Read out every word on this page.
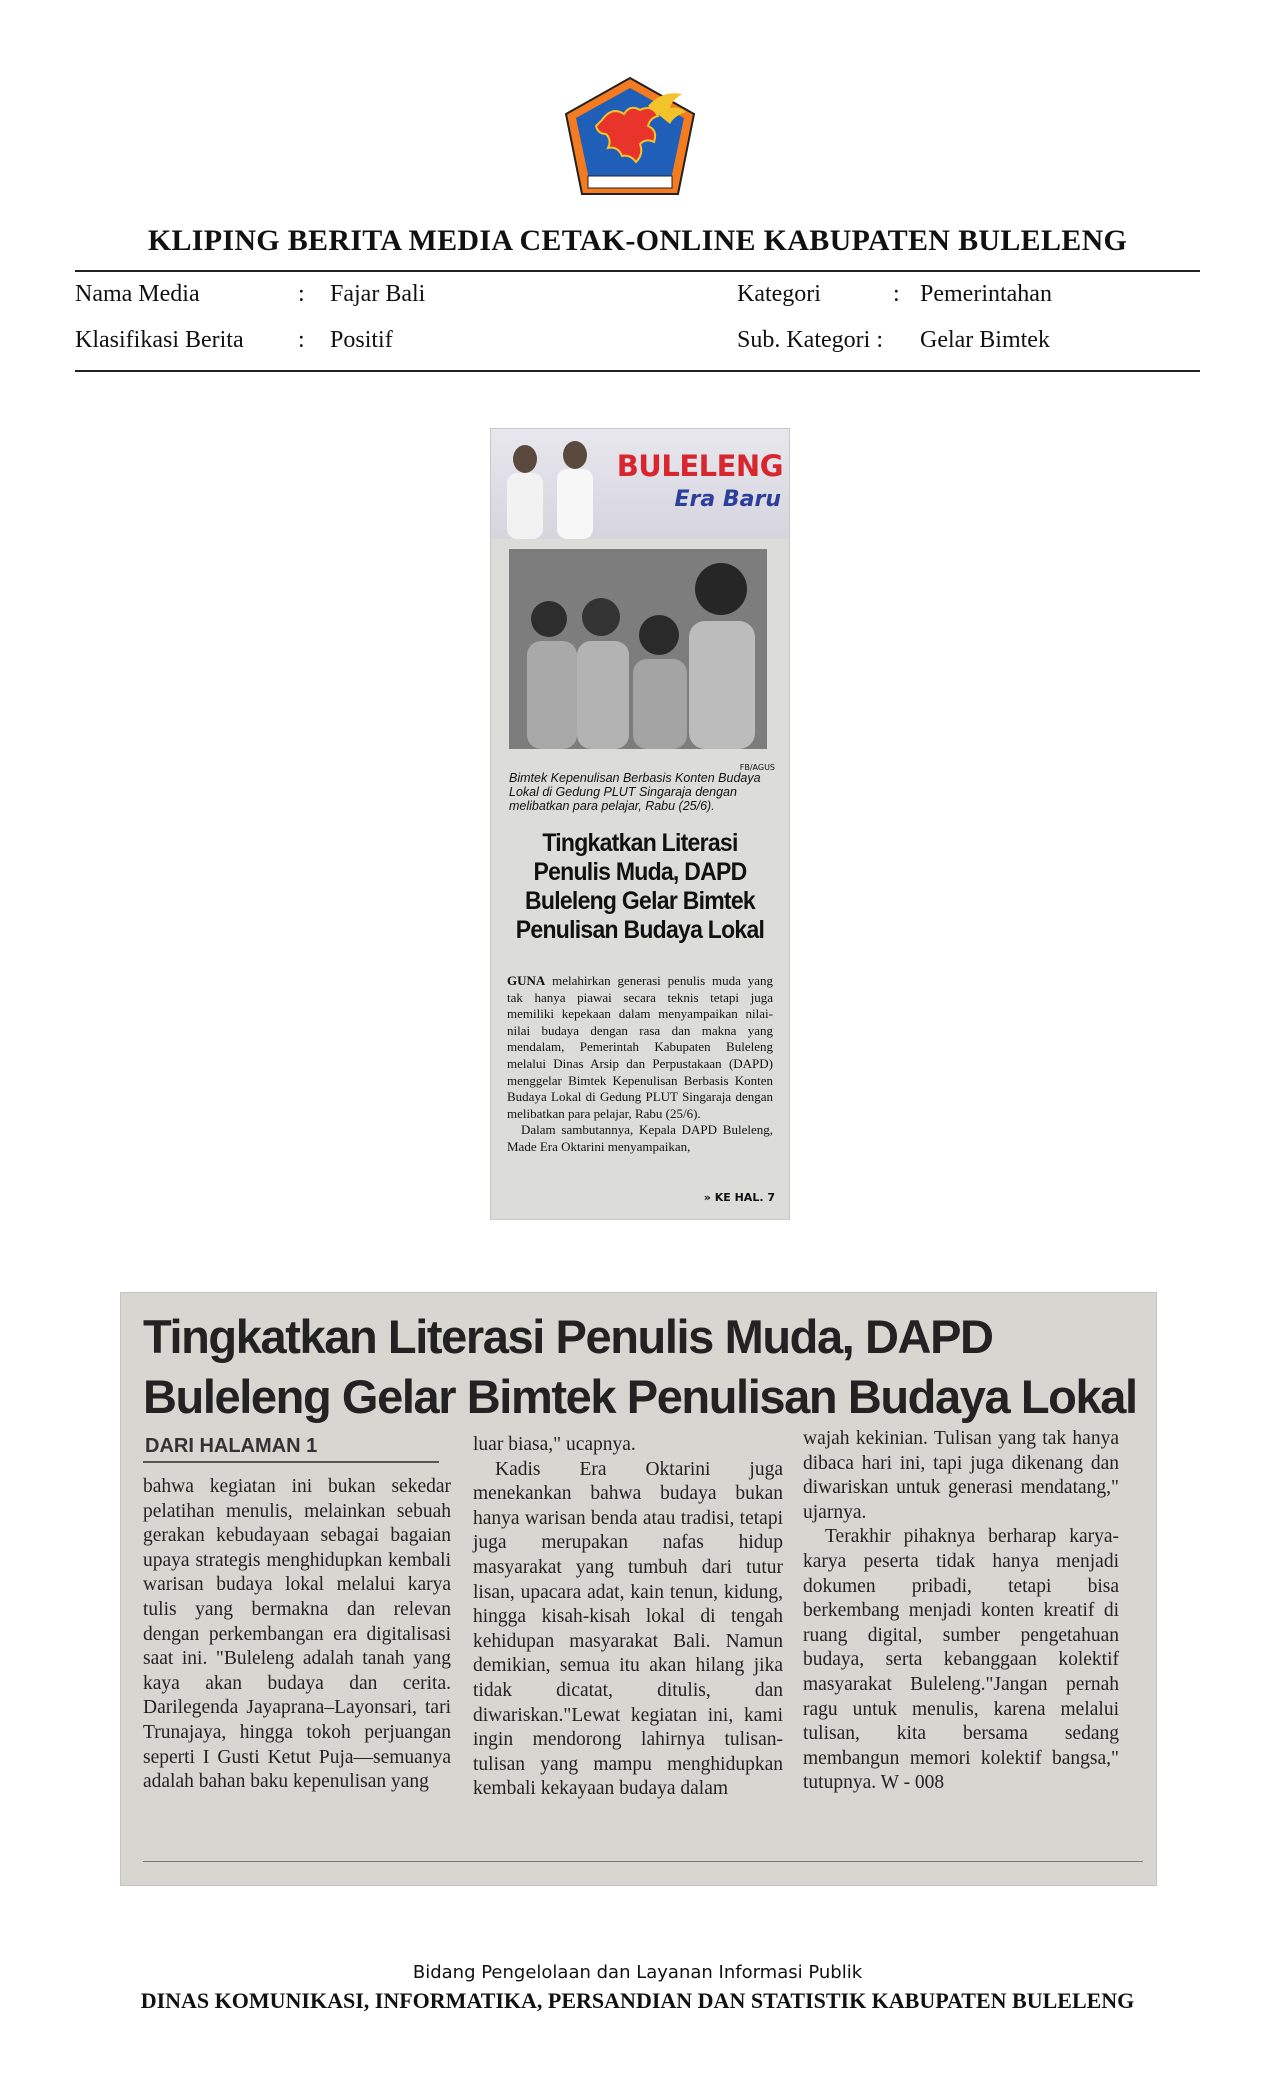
KLIPING BERITA MEDIA CETAK-ONLINE KABUPATEN BULELENG
Nama Media	: Fajar Bali	Kategori	: Pemerintahan
Klasifikasi Berita : Positif	Sub. Kategori : Gelar Bimtek
BULELENG
Era Baru
FB/AGUS
Bimtek Kepenulisan Berbasis Konten Budaya Lokal di Gedung PLUT Singaraja dengan melibatkan para pelajar, Rabu (25/6).
Tingkatkan Literasi Penulis Muda, DAPD Buleleng Gelar Bimtek Penulisan Budaya Lokal
GUNA melahirkan generasi penulis muda yang tak hanya piawai secara teknis tetapi juga memiliki kepekaan dalam menyampaikan nilai-nilai budaya dengan rasa dan makna yang mendalam, Pemerintah Kabupaten Buleleng melalui Dinas Arsip dan Perpustakaan (DAPD) menggelar Bimtek Kepenulisan Berbasis Konten Budaya Lokal di Gedung PLUT Singaraja dengan melibatkan para pelajar, Rabu (25/6).
Dalam sambutannya, Kepala DAPD Buleleng, Made Era Oktarini menyampaikan,
» KE HAL. 7
Tingkatkan Literasi Penulis Muda, DAPD
Buleleng Gelar Bimtek Penulisan Budaya Lokal
DARI HALAMAN 1
bahwa kegiatan ini bukan sekedar pelatihan menulis, melainkan sebuah gerakan kebudayaan sebagai bagaian upaya strategis menghidupkan kembali warisan budaya lokal melalui karya tulis yang bermakna dan relevan dengan perkembangan era digitalisasi saat ini. "Buleleng adalah tanah yang kaya akan budaya dan cerita. Darilegenda Jayaprana–Layonsari, tari Trunajaya, hingga tokoh perjuangan seperti I Gusti Ketut Puja—semuanya adalah bahan baku kepenulisan yang
luar biasa," ucapnya.
Kadis Era Oktarini juga menekankan bahwa budaya bukan hanya warisan benda atau tradisi, tetapi juga merupakan nafas hidup masyarakat yang tumbuh dari tutur lisan, upacara adat, kain tenun, kidung, hingga kisah-kisah lokal di tengah kehidupan masyarakat Bali. Namun demikian, semua itu akan hilang jika tidak dicatat, ditulis, dan diwariskan."Lewat kegiatan ini, kami ingin mendorong lahirnya tulisan-tulisan yang mampu menghidupkan kembali kekayaan budaya dalam
wajah kekinian. Tulisan yang tak hanya dibaca hari ini, tapi juga dikenang dan diwariskan untuk generasi mendatang," ujarnya.
Terakhir pihaknya berharap karya-karya peserta tidak hanya menjadi dokumen pribadi, tetapi bisa berkembang menjadi konten kreatif di ruang digital, sumber pengetahuan budaya, serta kebanggaan kolektif masyarakat Buleleng."Jangan pernah ragu untuk menulis, karena melalui tulisan, kita bersama sedang membangun memori kolektif bangsa," tutupnya. W - 008
Bidang Pengelolaan dan Layanan Informasi Publik
DINAS KOMUNIKASI, INFORMATIKA, PERSANDIAN DAN STATISTIK KABUPATEN BULELENG
